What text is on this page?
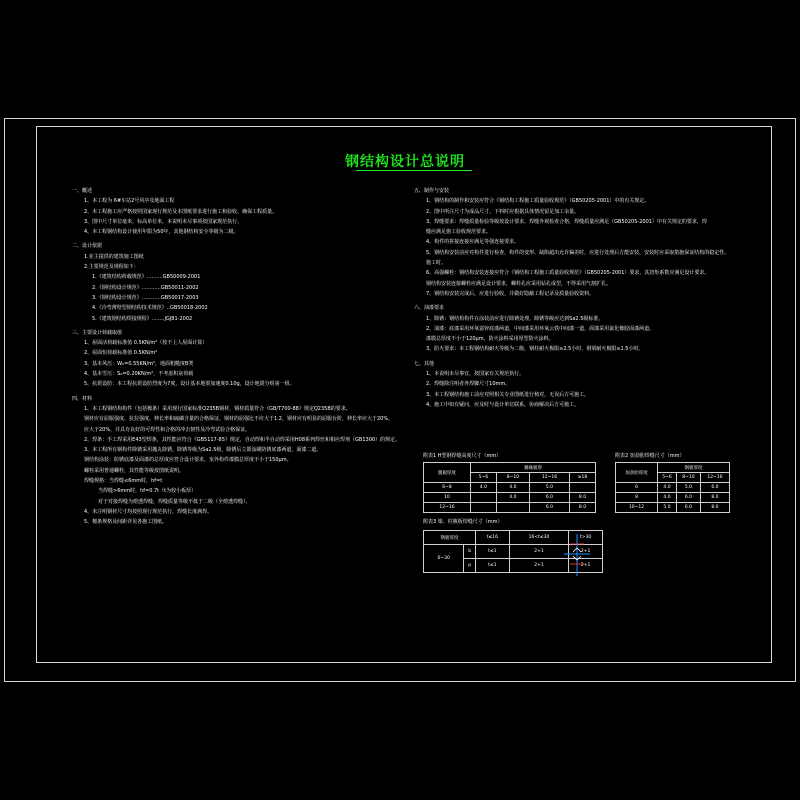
钢结构设计总说明
一、概述
1、本工程为 6#车站2号风亭及地面工程
2、本工程施工应严格按照国家现行规范及本图纸要求进行施工和验收，确保工程质量。
3、图中尺寸单位毫米，标高单位米，本说明未尽事项按国家规范执行。
4、本工程钢结构设计使用年限为50年，其他钢结构安全等级为二级。
二、设计依据
1.业主提供的建筑施工图纸
2.主要规范及规程如下：
1.《建筑结构荷载规范》..........GB50009-2001
2.《钢结构设计规范》............GB50011-2002
3.《钢结构设计规范》............GB50017-2003
4.《冷弯薄壁型钢结构技术规范》..GB50018-2002
5.《建筑钢结构焊接规程》........JGJ81-2002
三、主要设计荷载取值
1、屋面活荷载标准值 0.5KN/m²（按不上人屋面计算）
2、屋面恒荷载标准值 0.5KN/m²
3、基本风压：W₀=0.55KN/m²，地面粗糙度B类
4、基本雪压：S₀=0.20KN/m²，不考虑积灰荷载
5、抗震设防：本工程抗震设防烈度为7度，设计基本地震加速度0.10g，设计地震分组第一组。
四、材料
1、本工程钢结构构件（包括檩条）采用现行国家标准Q235B钢材，钢材质量符合《GB/T700-88》规定Q235B的要求。
钢材应有屈服强度、抗拉强度、伸长率和硫磷含量的合格保证，钢材的屈强比不应大于1.2，钢材应有明显的屈服台阶，伸长率应大于20%，
应大于20%，并具有良好的可焊性和合格的冲击韧性及冷弯试验合格保证。
2、焊条：手工焊采用E43型焊条，其性能应符合《GB5117-85》规定，自动焊和半自动焊采用H08系列焊丝和相应焊剂（GB1300）的规定。
3、本工程所有钢构件除锈采用抛丸除锈，除锈等级为Sa2.5级，除锈后立即涂刷防锈底漆两道，面漆二道。
钢结构涂装：防锈底漆及面漆的总厚度应符合设计要求，室外构件漆膜总厚度不小于150μm。
螺栓采用普通螺栓，其性能等级按图纸说明。
焊缝规格：当焊缝≤6mm时，hf=t
当焊缝>6mm时，hf=0.7t（t为较小板厚）
对于对接焊缝为熔透焊缝，焊缝质量等级不低于二级（全熔透焊缝）。
4、未注明钢材尺寸均按照现行规范执行，焊缝长度满焊。
5、檩条规格及间距详见各施工图纸。
五、制作与安装
1、钢结构的制作和安装应符合《钢结构工程施工质量验收规范》（GB50205-2001）中的有关规定。
2、图中所注尺寸为成品尺寸，下料时应根据具体情况留足加工余量。
3、焊缝要求：焊缝质量检验等级按设计要求，焊缝外观检查合格，焊缝质量应满足（GB50205-2001）中有关规定的要求，焊
缝应满足施工验收规范要求。
4、构件的拼接连接应满足等强连接要求。
5、钢结构安装前应对构件进行检查，构件的变形、缺陷超出允许偏差时，应进行处理后方能安装，安装时应采取措施保证结构的稳定性。
施工时。
6、高强螺栓：钢结构安装连接应符合《钢结构工程施工质量验收规范》（GB50205-2001）要求，其扭矩系数应满足设计要求。
钢结构安装连接螺栓应满足设计要求，螺栓孔应采用钻孔成型，不得采用气割扩孔。
7、钢结构安装完成后，应进行验收，并做好隐蔽工程记录及质量验收资料。
六、油漆要求
1、除锈：钢结构构件在涂装前应进行除锈处理，除锈等级应达到Sa2.5级标准。
2、油漆：底漆采用环氧富锌底漆两道，中间漆采用环氧云铁中间漆一道，面漆采用氯化橡胶面漆两道。
漆膜总厚度不小于120μm，防火涂料采用厚型防火涂料。
3、防火要求：本工程钢结构耐火等级为二级，钢柱耐火极限≥2.5小时，钢梁耐火极限≥1.5小时。
七、其他
1、本说明未尽事宜，按国家有关规范执行。
2、焊缝除注明者外焊脚尺寸10mm。
3、本工程钢结构施工前应对照相关专业图纸进行核对，无误后方可施工。
4、施工中如有疑问，应及时与设计单位联系，协商解决后方可施工。
附表1 H型钢焊缝高度尺寸（mm）
腹板厚度	翼缘板厚			
	5~6	8~10	12~16	≥18
6~8	4.0	4.0	5.0	
10		4.0	6.0	8.0
12~16			6.0	8.0
附表2 加劲肋焊缝尺寸（mm）
加劲肋厚度	钢板厚度		
	5~6	8~10	12~16
6	4.0	5.0	6.0
8	4.0	6.0	8.0
10~12	5.0	6.0	8.0
附表3 梁、柱腹板焊缝尺寸（mm）
钢板厚度		t≤16	16<t≤30	t>30
6~30	b	t≤1	2+1	2+1
	p	t≤1	2+1	2+1
